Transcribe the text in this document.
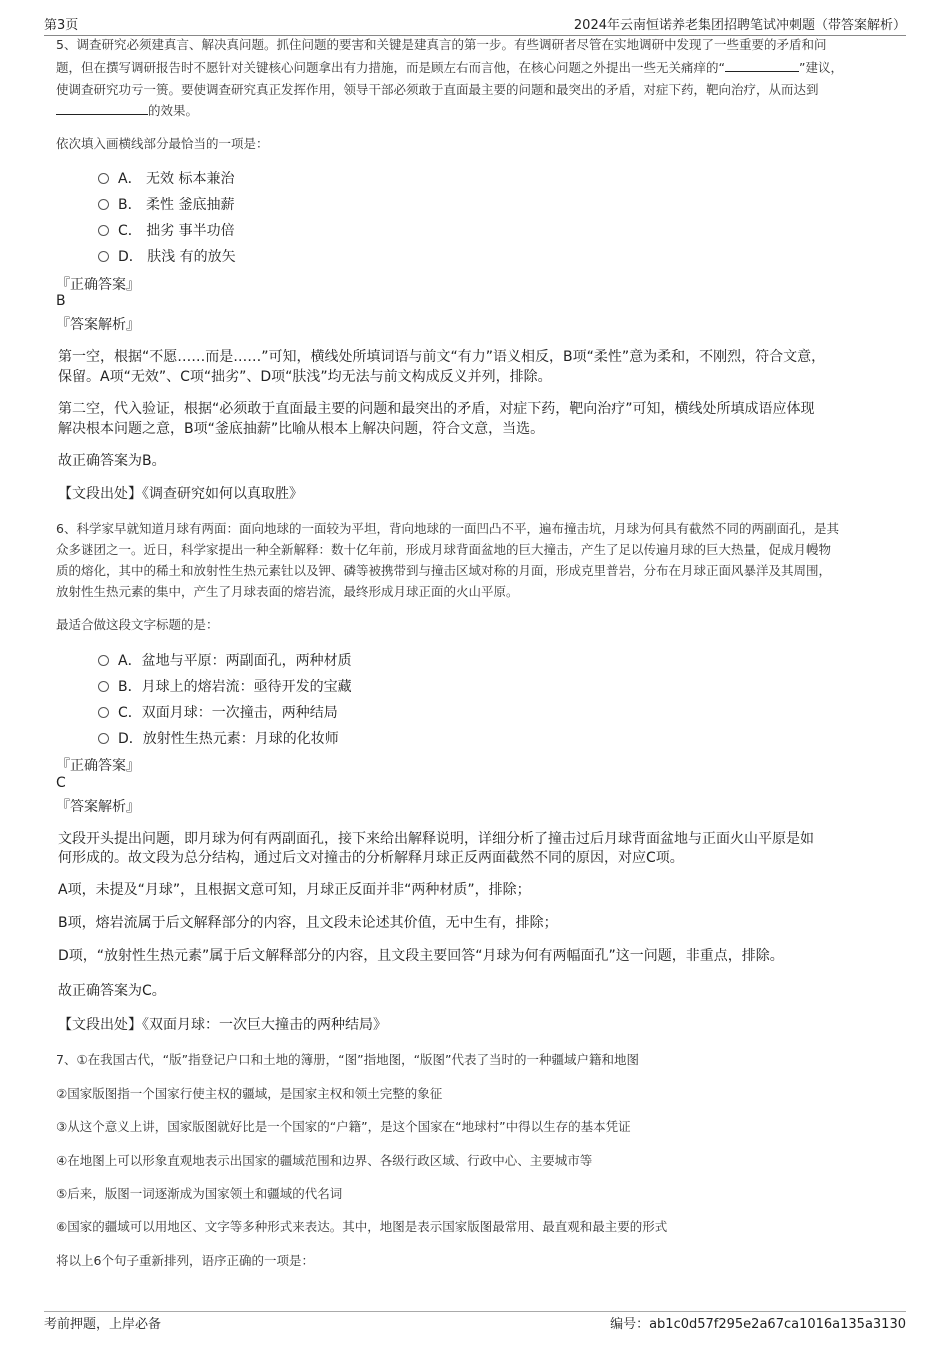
第3页	2024年云南恒诺养老集团招聘笔试冲刺题（带答案解析）
5、调查研究必须建真言、解决真问题。抓住问题的要害和关键是建真言的第一步。有些调研者尽管在实地调研中发现了一些重要的矛盾和问
题，但在撰写调研报告时不愿针对关键核心问题拿出有力措施，而是顾左右而言他，在核心问题之外提出一些无关痛痒的“	”建议，
使调查研究功亏一篑。要使调查研究真正发挥作用，领导干部必须敢于直面最主要的问题和最突出的矛盾，对症下药，靶向治疗，从而达到
的效果。
依次填入画横线部分最恰当的一项是：
A． 无效 标本兼治
B． 柔性 釜底抽薪
C． 拙劣 事半功倍
D． 肤浅 有的放矢
『正确答案』
B
『答案解析』
第一空，根据“不愿……而是……”可知，横线处所填词语与前文“有力”语义相反，B项“柔性”意为柔和，不刚烈，符合文意，
保留。A项“无效”、C项“拙劣”、D项“肤浅”均无法与前文构成反义并列，排除。
第二空，代入验证，根据“必须敢于直面最主要的问题和最突出的矛盾，对症下药，靶向治疗”可知，横线处所填成语应体现
解决根本问题之意，B项“釜底抽薪”比喻从根本上解决问题，符合文意，当选。
故正确答案为B。
【文段出处】《调查研究如何以真取胜》
6、科学家早就知道月球有两面：面向地球的一面较为平坦，背向地球的一面凹凸不平，遍布撞击坑，月球为何具有截然不同的两副面孔，是其
众多谜团之一。近日，科学家提出一种全新解释：数十亿年前，形成月球背面盆地的巨大撞击，产生了足以传遍月球的巨大热量，促成月幔物
质的熔化，其中的稀土和放射性生热元素钍以及钾、磷等被携带到与撞击区域对称的月面，形成克里普岩，分布在月球正面风暴洋及其周围，
放射性生热元素的集中，产生了月球表面的熔岩流，最终形成月球正面的火山平原。
最适合做这段文字标题的是：
A．盆地与平原：两副面孔，两种材质
B．月球上的熔岩流：亟待开发的宝藏
C．双面月球：一次撞击，两种结局
D．放射性生热元素：月球的化妆师
『正确答案』
C
『答案解析』
文段开头提出问题，即月球为何有两副面孔，接下来给出解释说明，详细分析了撞击过后月球背面盆地与正面火山平原是如
何形成的。故文段为总分结构，通过后文对撞击的分析解释月球正反两面截然不同的原因，对应C项。
A项，未提及“月球”，且根据文意可知，月球正反面并非“两种材质”，排除；
B项，熔岩流属于后文解释部分的内容，且文段未论述其价值，无中生有，排除；
D项，“放射性生热元素”属于后文解释部分的内容，且文段主要回答“月球为何有两幅面孔”这一问题，非重点，排除。
故正确答案为C。
【文段出处】《双面月球：一次巨大撞击的两种结局》
7、①在我国古代，“版”指登记户口和土地的簿册，“图”指地图，“版图”代表了当时的一种疆域户籍和地图
②国家版图指一个国家行使主权的疆域，是国家主权和领土完整的象征
③从这个意义上讲，国家版图就好比是一个国家的“户籍”，是这个国家在“地球村”中得以生存的基本凭证
④在地图上可以形象直观地表示出国家的疆域范围和边界、各级行政区域、行政中心、主要城市等
⑤后来，版图一词逐渐成为国家领土和疆域的代名词
⑥国家的疆域可以用地区、文字等多种形式来表达。其中，地图是表示国家版图最常用、最直观和最主要的形式
将以上6个句子重新排列，语序正确的一项是：
考前押题，上岸必备	编号：ab1c0d57f295e2a67ca1016a135a3130
